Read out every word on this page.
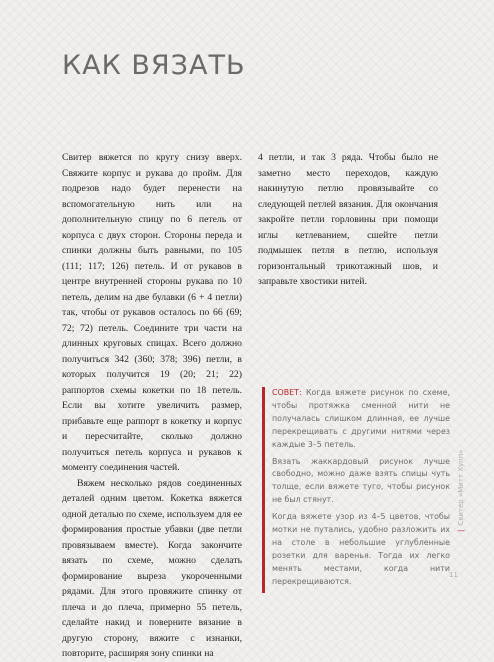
КАК ВЯЗАТЬ

Свитер вяжется по кругу снизу вверх. Свяжите корпус и рукава до пройм. Для подрезов надо будет перенести на вспомогательную нить или на дополнительную спицу по 6 петель от корпуса с двух сторон. Стороны переда и спинки должны быть равными, по 105 (111; 117; 126) петель. И от рукавов в центре внутренней стороны рукава по 10 петель, делим на две булавки (6 + 4 петли) так, чтобы от рукавов осталось по 66 (69; 72; 72) петель. Соедините три части на длинных круговых спицах. Всего должно получиться 342 (360; 378; 396) петли, в которых получится 19 (20; 21; 22) раппортов схемы кокетки по 18 петель. Если вы хотите увеличить размер, прибавьте еще раппорт в кокетку и корпус и пересчитайте, сколько должно получиться петель корпуса и рукавов к моменту соединения частей.

Вяжем несколько рядов соединенных деталей одним цветом. Кокетка вяжется одной деталью по схеме, используем для ее формирования простые убавки (две петли провязываем вместе). Когда закончите вязать по схеме, можно сделать формирование выреза укороченными рядами. Для этого провяжите спинку от плеча и до плеча, примерно 55 петель, сделайте накид и поверните вязание в другую сторону, вяжите с изнанки, повторите, расширяя зону спинки на

4 петли, и так 3 ряда. Чтобы было не заметно место переходов, каждую накинутую петлю провязывайте со следующей петлей вязания. Для окончания закройте петли горловины при помощи иглы кетлеванием, сшейте петли подмышек петля в петлю, используя горизонтальный трикотажный шов, и заправьте хвостики нитей.

СОВЕТ: Когда вяжете рисунок по схеме, чтобы протяжка сменной нити не получалась слишком длинная, ее лучше перекрещивать с другими нитями через каждые 3–5 петель.

Вязать жаккардовый рисунок лучше свободно, можно даже взять спицы чуть толще, если вяжете туго, чтобы рисунок не был стянут.

Когда вяжете узор из 4–5 цветов, чтобы мотки не путались, удобно разложить их на столе в небольшие углубленные розетки для варенья. Тогда их легко менять местами, когда нити перекрещиваются.

|Свитер «Митт Хупп»
11
